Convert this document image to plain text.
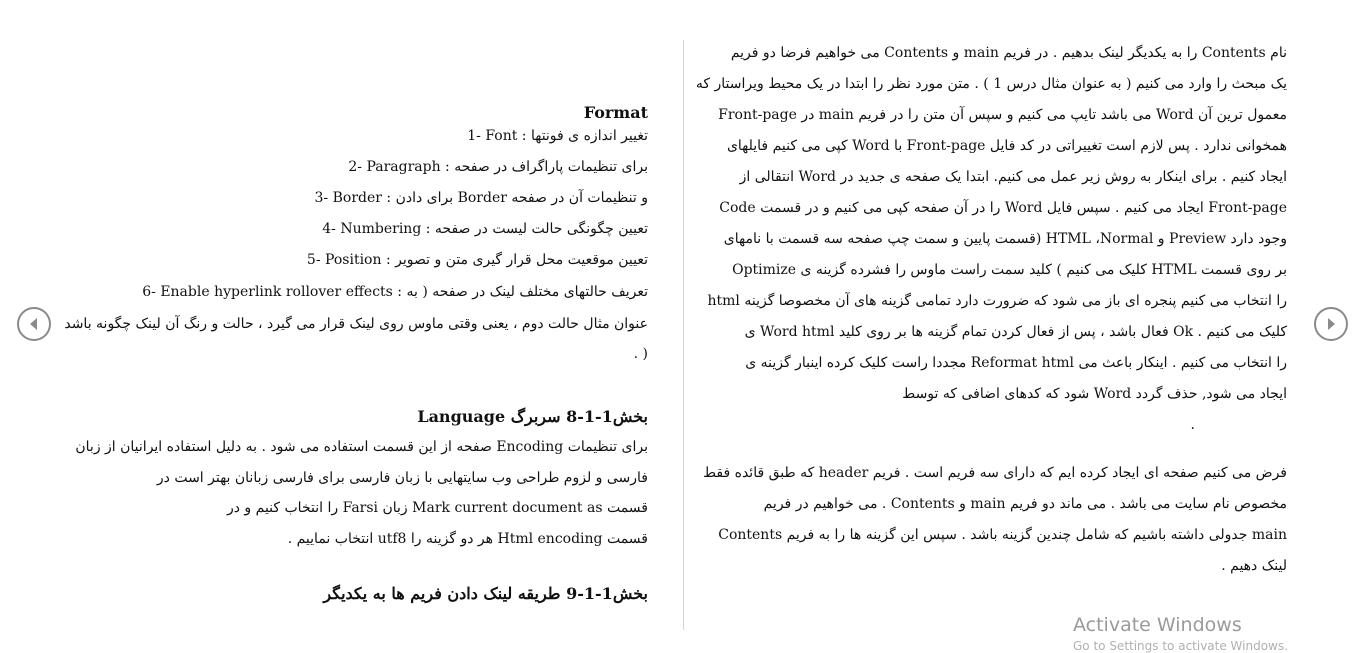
نام Contents را به یکدیگر لینک بدهیم . در فریم main و Contents می خواهیم فرضا دو فریم
یک مبحث را وارد می کنیم ( به عنوان مثال درس 1 ) . متن مورد نظر را ابتدا در یک محیط ویراستار که
Front-page در main می باشد تایپ می کنیم و سپس آن متن را در فریم Word معمول ترین آن
همخوانی ندارد . پس لازم است تغییراتی در کد فایل Front-page با Word کپی می کنیم فایلهای
ایجاد کنیم . برای اینکار به روش زیر عمل می کنیم. ابتدا یک صفحه ی جدید در Word انتقالی از
Code را در آن صفحه کپی می کنیم و در قسمت Word ایجاد می کنیم . سپس فایل Front-page
وجود دارد Preview و HTML ،Normal (قسمت پایین و سمت چپ صفحه سه قسمت با نامهای
Optimize کلیک می کنیم ) کلید سمت راست ماوس را فشرده گزینه ی HTML بر روی قسمت
را انتخاب می کنیم پنجره ای باز می شود که ضرورت دارد تمامی گزینه های آن مخصوصا گزینه html
کلیک می کنیم . Ok فعال باشد ، پس از فعال کردن تمام گزینه ها بر روی کلید Word html ی
را انتخاب می کنیم . اینکار باعث می Reformat html مجددا راست کلیک کرده اینبار گزینه ی
ایجاد می شود, حذف گردد Word شود که کدهای اضافی که توسط
.
فرض می کنیم صفحه ای ایجاد کرده ایم که دارای سه فریم است . فریم header که طبق قائده فقط
مخصوص نام سایت می باشد . می ماند دو فریم main و Contents . می خواهیم در فریم
Contents جدولی داشته باشیم که شامل چندین گزینه باشد . سپس این گزینه ها را به فریم main
لینک دهیم .
Format
1- Font : تغییر اندازه ی فونتها
2- Paragraph : برای تنظیمات پاراگراف در صفحه
3- Border : برای دادن Border و تنظیمات آن در صفحه
4- Numbering : تعیین چگونگی حالت لیست در صفحه
5- Position : تعیین موقعیت محل قرار گیری متن و تصویر
6- Enable hyperlink rollover effects : تعریف حالتهای مختلف لینک در صفحه ( به
عنوان مثال حالت دوم ، یعنی وقتی ماوس روی لینک قرار می گیرد ، حالت و رنگ آن لینک چگونه باشد
. )
بخش1-1-8 سربرگ Language
برای تنظیمات Encoding صفحه از این قسمت استفاده می شود . به دلیل استفاده ایرانیان از زبان
فارسی و لزوم طراحی وب سایتهایی با زبان فارسی برای فارسی زبانان بهتر است در
قسمت Mark current document as زبان Farsi را انتخاب کنیم و در
قسمت Html encoding هر دو گزینه را utf8 انتخاب نماییم .
بخش1-1-9 طریقه لینک دادن فریم ها به یکدیگر
Activate Windows
Go to Settings to activate Windows.
